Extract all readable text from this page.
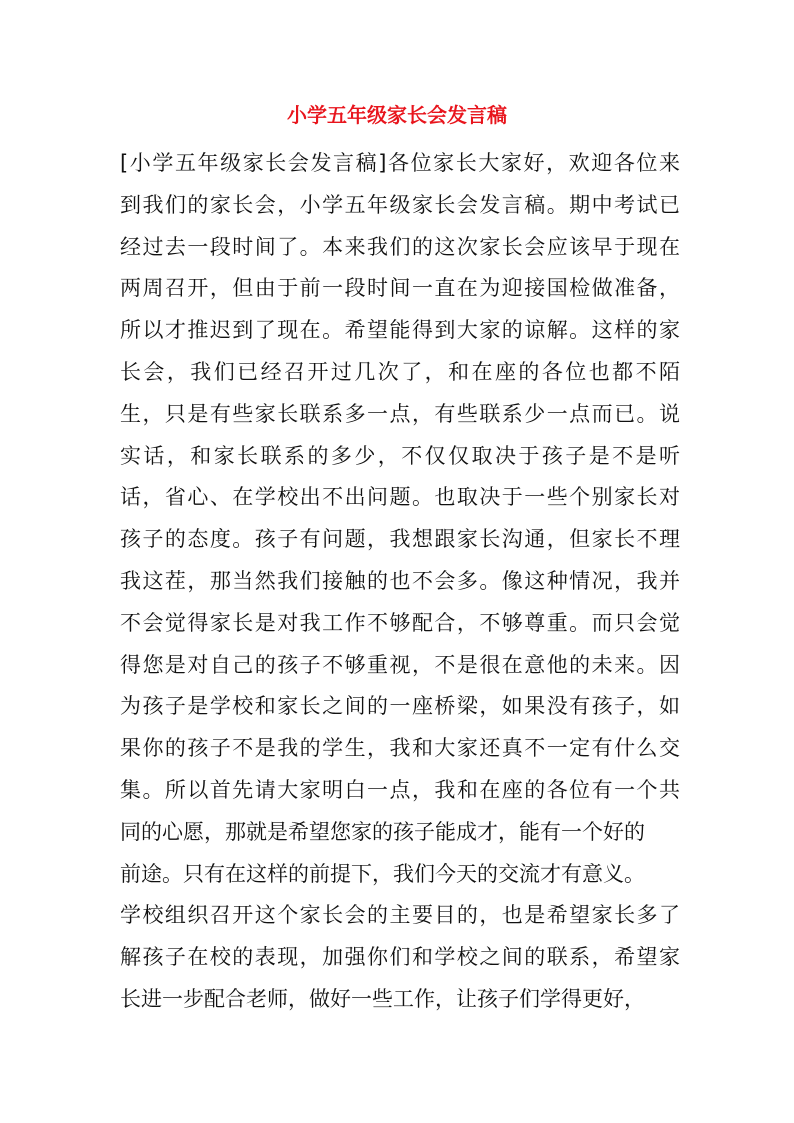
小学五年级家长会发言稿
[小学五年级家长会发言稿]各位家长大家好，欢迎各位来
到我们的家长会，小学五年级家长会发言稿。期中考试已
经过去一段时间了。本来我们的这次家长会应该早于现在
两周召开，但由于前一段时间一直在为迎接国检做准备，
所以才推迟到了现在。希望能得到大家的谅解。这样的家
长会，我们已经召开过几次了，和在座的各位也都不陌
生，只是有些家长联系多一点，有些联系少一点而已。说
实话，和家长联系的多少，不仅仅取决于孩子是不是听
话，省心、在学校出不出问题。也取决于一些个别家长对
孩子的态度。孩子有问题，我想跟家长沟通，但家长不理
我这茬，那当然我们接触的也不会多。像这种情况，我并
不会觉得家长是对我工作不够配合，不够尊重。而只会觉
得您是对自己的孩子不够重视，不是很在意他的未来。因
为孩子是学校和家长之间的一座桥梁，如果没有孩子，如
果你的孩子不是我的学生，我和大家还真不一定有什么交
集。所以首先请大家明白一点，我和在座的各位有一个共
同的心愿，那就是希望您家的孩子能成才，能有一个好的
前途。只有在这样的前提下，我们今天的交流才有意义。
学校组织召开这个家长会的主要目的，也是希望家长多了
解孩子在校的表现，加强你们和学校之间的联系，希望家
长进一步配合老师，做好一些工作，让孩子们学得更好，
